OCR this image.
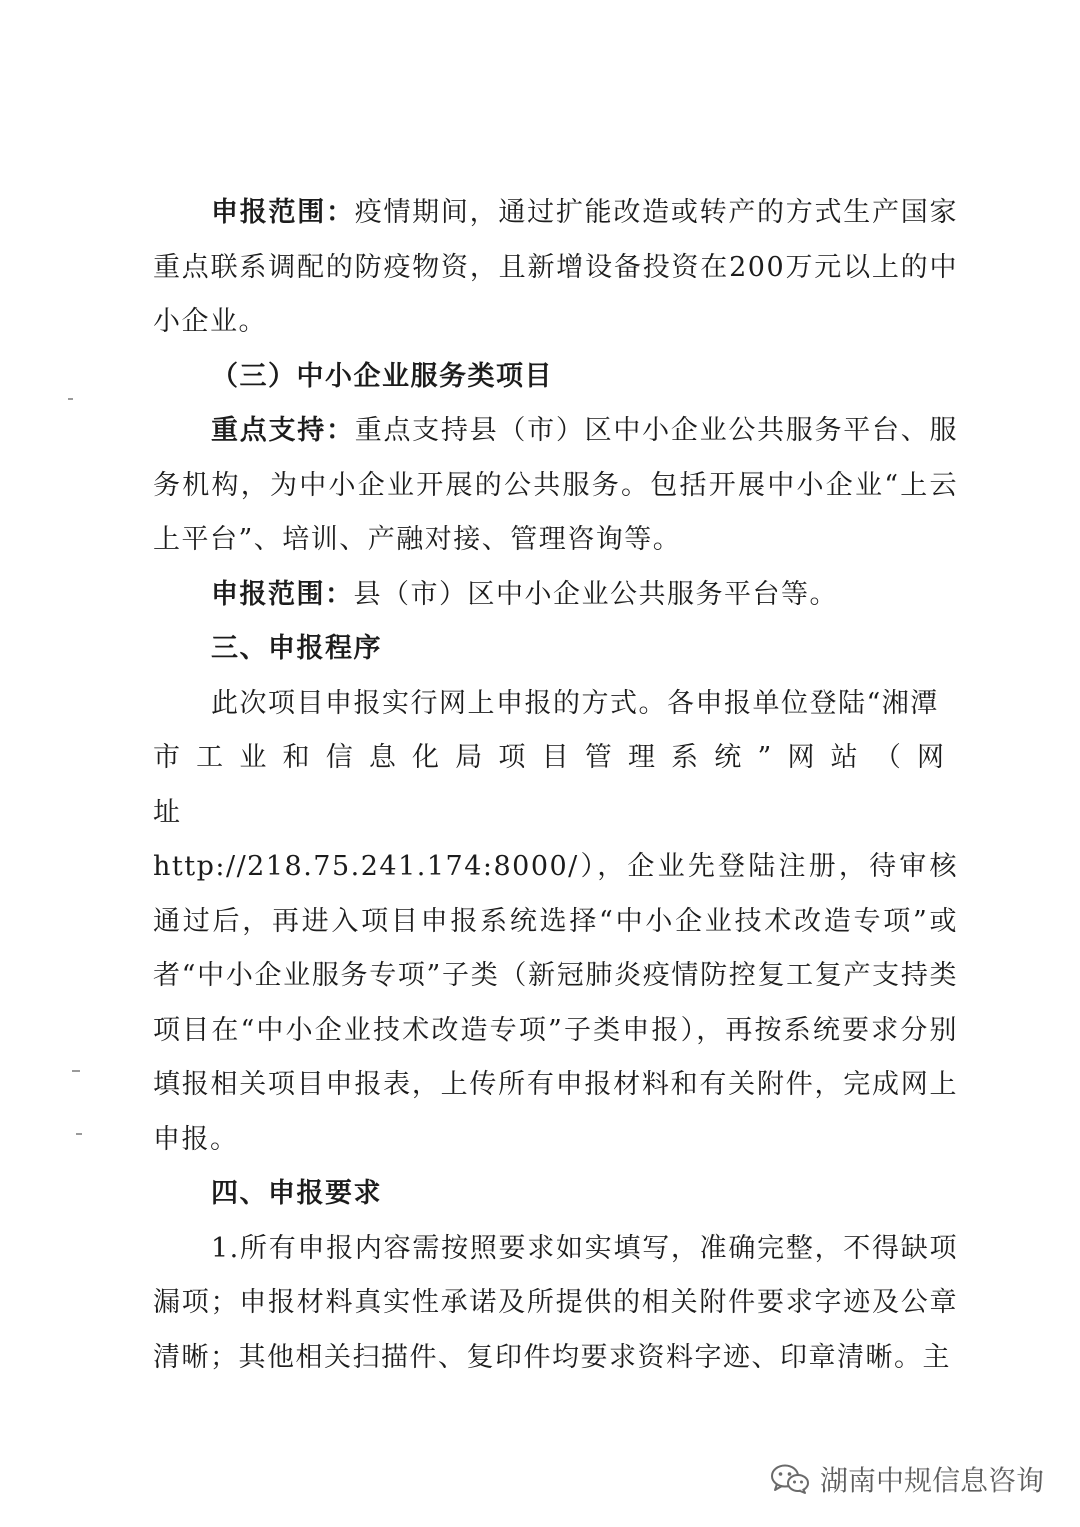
申报范围：疫情期间，通过扩能改造或转产的方式生产国家重点联系调配的防疫物资，且新增设备投资在200万元以上的中小企业。

（三）中小企业服务类项目

重点支持：重点支持县（市）区中小企业公共服务平台、服务机构，为中小企业开展的公共服务。包括开展中小企业“上云上平台”、培训、产融对接、管理咨询等。

申报范围：县（市）区中小企业公共服务平台等。

三、申报程序

此次项目申报实行网上申报的方式。各申报单位登陆“湘潭

市工业和信息化局项目管理系统”网站（网址

http://218.75.241.174:8000/），企业先登陆注册，待审核通过后，再进入项目申报系统选择“中小企业技术改造专项”或者“中小企业服务专项”子类（新冠肺炎疫情防控复工复产支持类项目在“中小企业技术改造专项”子类申报），再按系统要求分别填报相关项目申报表，上传所有申报材料和有关附件，完成网上申报。

四、申报要求

1.所有申报内容需按照要求如实填写，准确完整，不得缺项漏项；申报材料真实性承诺及所提供的相关附件要求字迹及公章清晰；其他相关扫描件、复印件均要求资料字迹、印章清晰。主

湖南中规信息咨询
